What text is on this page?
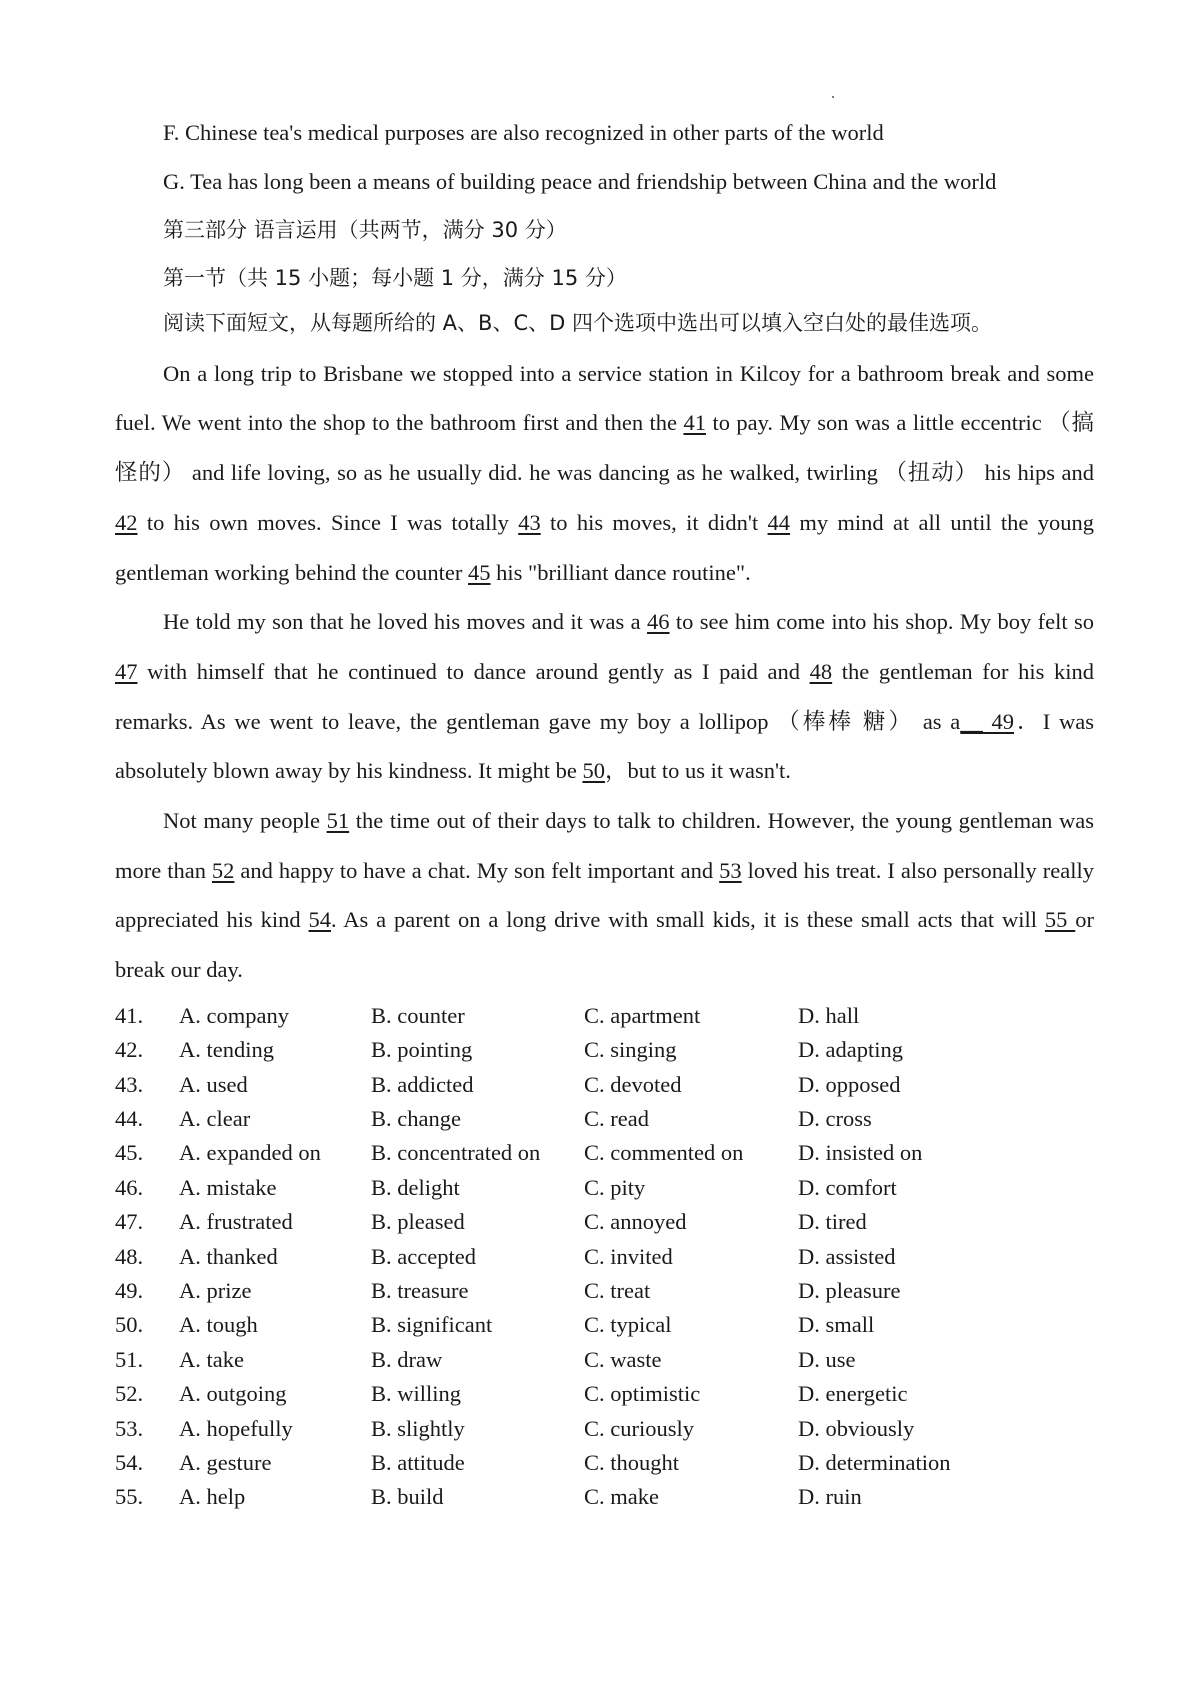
F. Chinese tea's medical purposes are also recognized in other parts of the world

G. Tea has long been a means of building peace and friendship between China and the world

第三部分 语言运用（共两节，满分 30 分）

第一节（共 15 小题；每小题 1 分，满分 15 分）

阅读下面短文，从每题所给的 A、B、C、D 四个选项中选出可以填入空白处的最佳选项。

On a long trip to Brisbane we stopped into a service station in Kilcoy for a bathroom break and some fuel. We went into the shop to the bathroom first and then the 41 to pay. My son was a little eccentric （搞怪的） and life loving, so as he usually did. he was dancing as he walked, twirling （扭动） his hips and 42 to his own moves. Since I was totally 43 to his moves, it didn't 44 my mind at all until the young gentleman working behind the counter 45 his "brilliant dance routine".

He told my son that he loved his moves and it was a 46 to see him come into his shop. My boy felt so 47 with himself that he continued to dance around gently as I paid and 48 the gentleman for his kind remarks. As we went to leave, the gentleman gave my boy a lollipop （棒棒 糖） as a__ 49．I was absolutely blown away by his kindness. It might be 50，but to us it wasn't.

Not many people 51 the time out of their days to talk to children. However, the young gentleman was more than 52 and happy to have a chat. My son felt important and 53 loved his treat. I also personally really appreciated his kind 54. As a parent on a long drive with small kids, it is these small acts that will 55 or break our day.

41.	A. company	B. counter	C. apartment	D. hall
42.	A. tending	B. pointing	C. singing	D. adapting
43.	A. used	B. addicted	C. devoted	D. opposed
44.	A. clear	B. change	C. read	D. cross
45.	A. expanded on	B. concentrated on	C. commented on	D. insisted on
46.	A. mistake	B. delight	C. pity	D. comfort
47.	A. frustrated	B. pleased	C. annoyed	D. tired
48.	A. thanked	B. accepted	C. invited	D. assisted
49.	A. prize	B. treasure	C. treat	D. pleasure
50.	A. tough	B. significant	C. typical	D. small
51.	A. take	B. draw	C. waste	D. use
52.	A. outgoing	B. willing	C. optimistic	D. energetic
53.	A. hopefully	B. slightly	C. curiously	D. obviously
54.	A. gesture	B. attitude	C. thought	D. determination
55.	A. help	B. build	C. make	D. ruin
